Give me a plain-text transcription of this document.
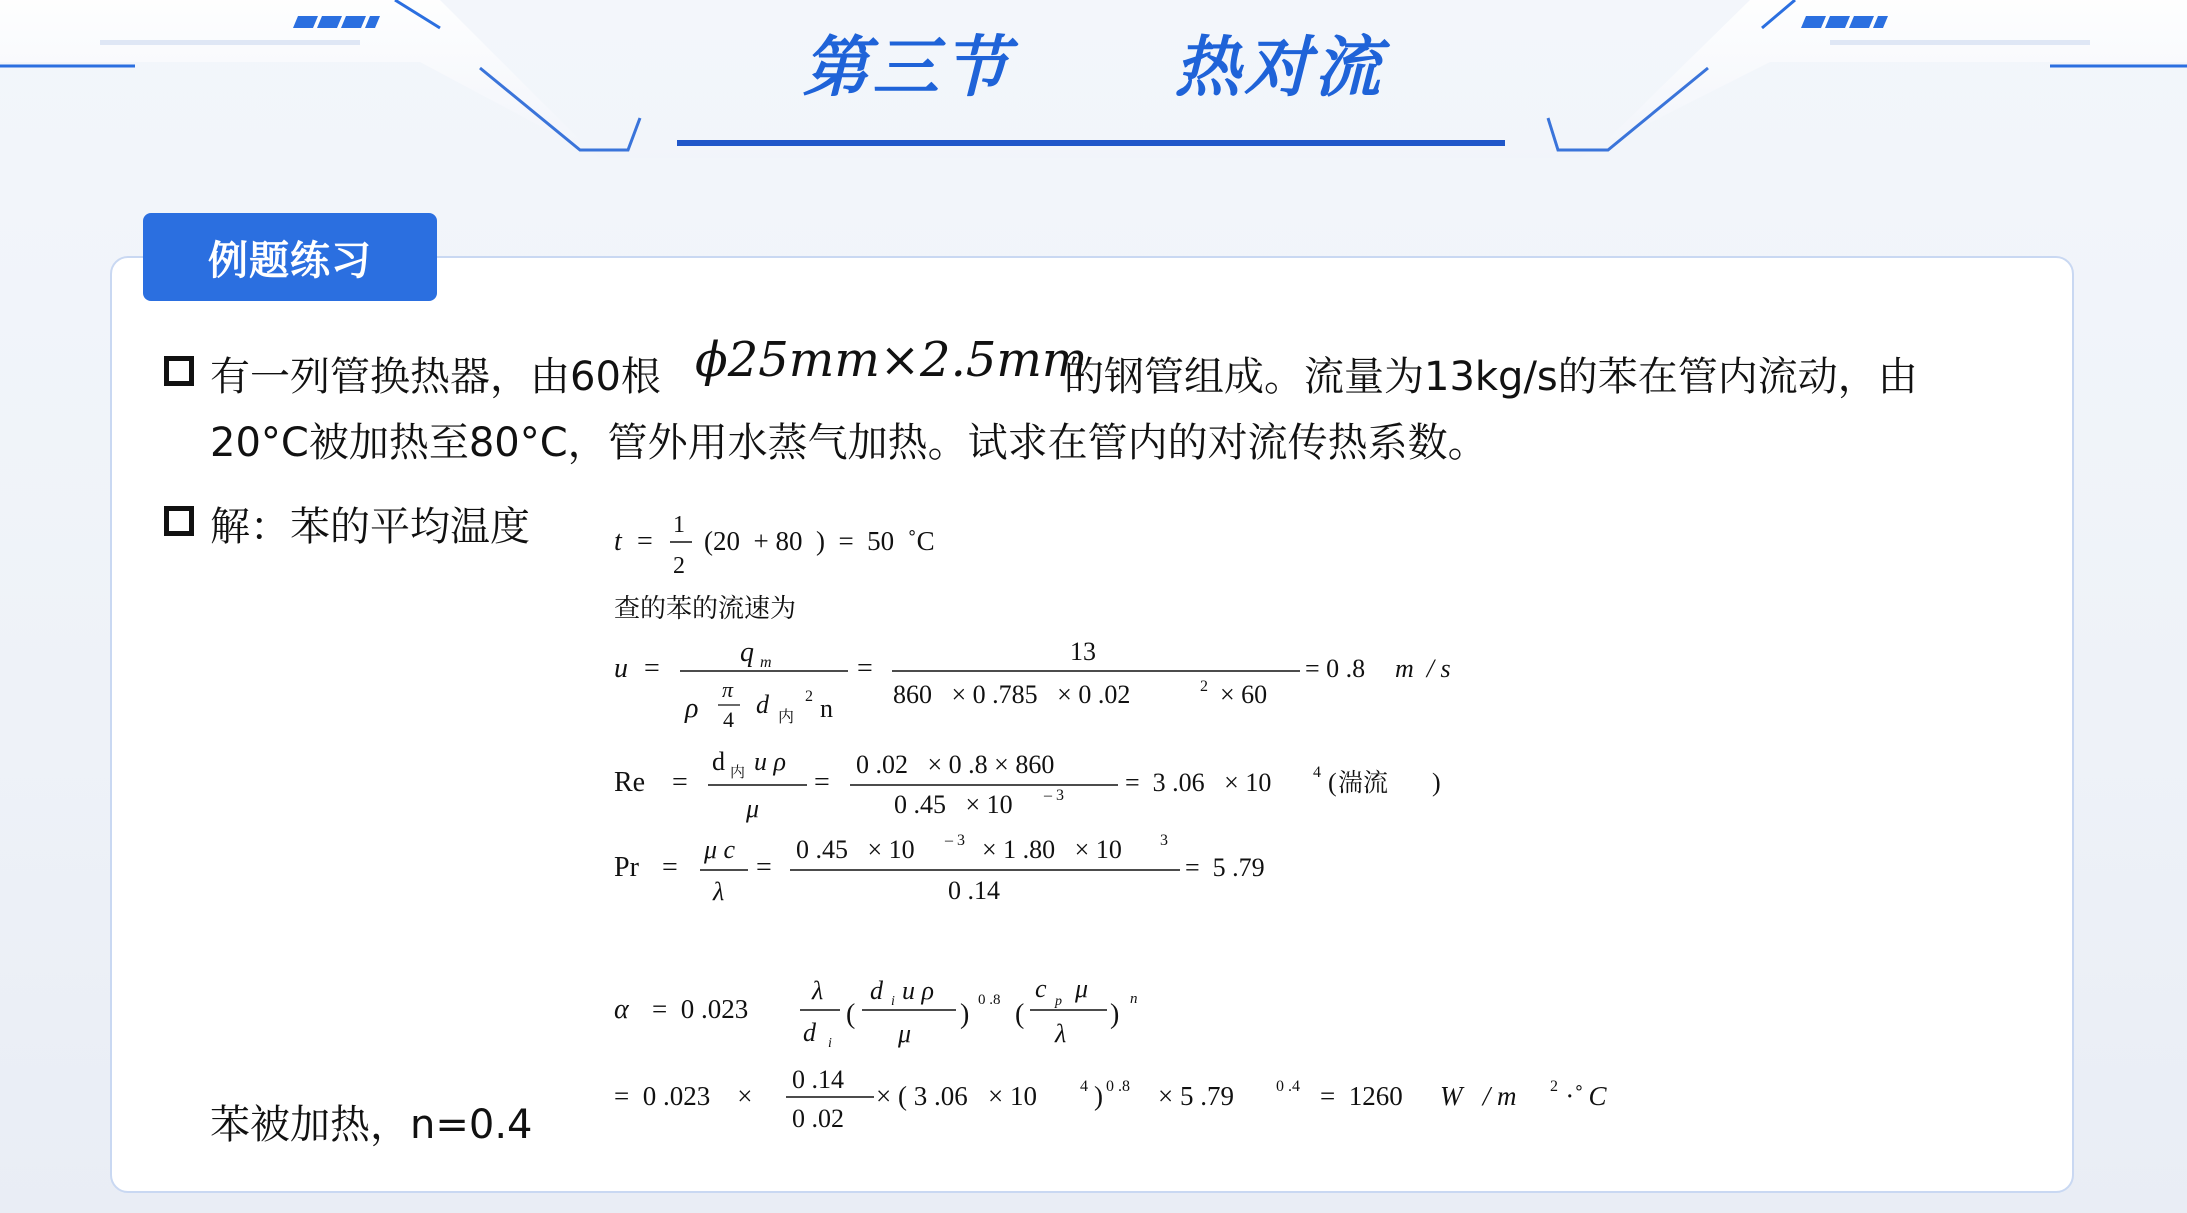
第三节      热对流
例题练习
有一列管换热器，由60根 ϕ25mm×2.5mm
的钢管组成。流量为13kg/s的苯在管内流动，由
20°C被加热至80°C，管外用水蒸气加热。试求在管内的对流传热系数。
解：苯的平均温度
苯被加热，n=0.4
t =
1
2
(20  + 80  )  =  50  ˚C
查的苯的流速为
u =
q m
ρ
π
4
d 内
2 n
=
13
860   × 0 .785   × 0 .02	2 × 60
= 0 .8 m  / s
Re =
d 内 u ρ
μ
=
0 .02   × 0 .8 × 860
0 .45   × 10 – 3 =  3 .06   × 10	4 ( 湍流 )
Pr =
μ c
λ
=
0 .45   × 10 – 3 × 1 .80   × 10 3
0 .14
=  5 .79
α =  0 .023
λ
d i
(
d i u ρ
μ
) 0 .8 (
c p μ
λ
) n
=  0 .023    ×
0 .14
0 .02
× ( 3 .06   × 10	4 ) 0 .8 × 5 .79	0 .4 =  1260 W   / m 2 ·˚ C
